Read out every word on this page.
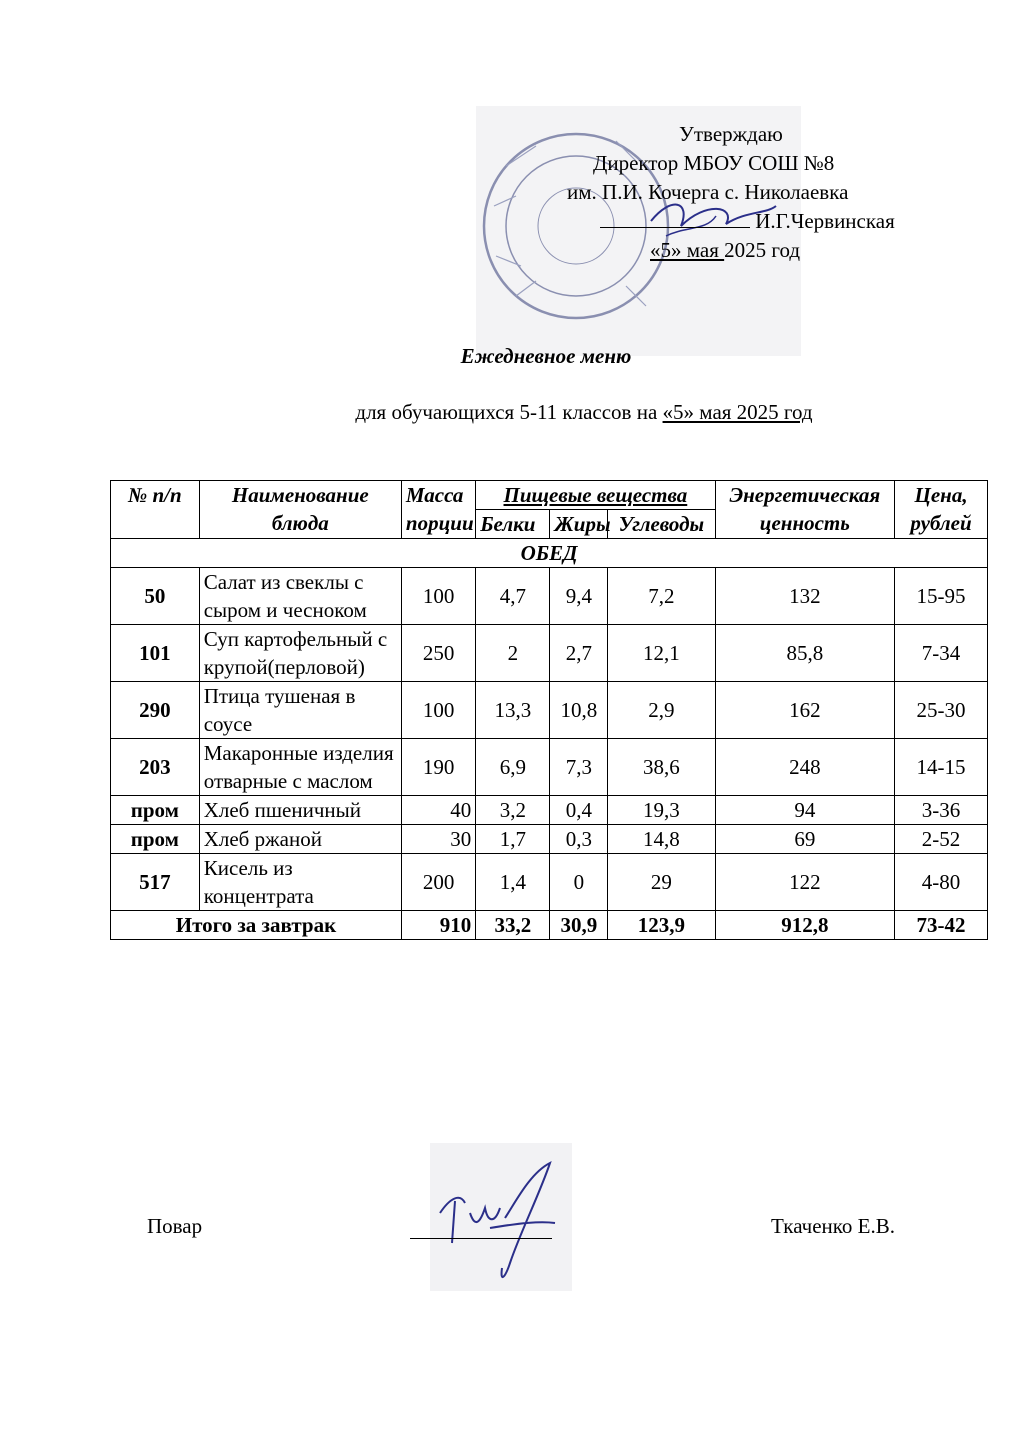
Утверждаю
Директор МБОУ СОШ №8
им. П.И. Кочерга с. Николаевка
И.Г.Червинская
«5» мая 2025 год
Ежедневное меню
для обучающихся 5-11 классов на «5» мая 2025 год
№ п/п	Наименование блюда	Масса порции	Пищевые вещества			Энергетическая ценность	Цена, рублей
			Белки	Жиры	Углеводы		
ОБЕД							
50	Салат из свеклы с сыром и чесноком	100	4,7	9,4	7,2	132	15-95
101	Суп картофельный с крупой(перловой)	250	2	2,7	12,1	85,8	7-34
290	Птица тушеная в соусе	100	13,3	10,8	2,9	162	25-30
203	Макаронные изделия отварные с маслом	190	6,9	7,3	38,6	248	14-15
пром	Хлеб пшеничный	40	3,2	0,4	19,3	94	3-36
пром	Хлеб ржаной	30	1,7	0,3	14,8	69	2-52
517	Кисель из концентрата	200	1,4	0	29	122	4-80
Итого за завтрак		910	33,2	30,9	123,9	912,8	73-42
Повар	Ткаченко Е.В.
